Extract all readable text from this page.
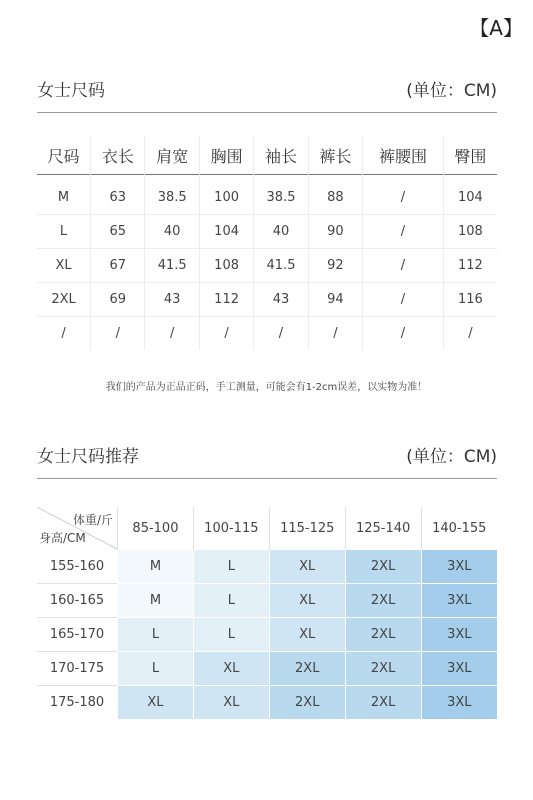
【A】
女士尺码	(单位：CM)
尺码	衣长	肩宽	胸围	袖长	裤长	裤腰围	臀围
M	63	38.5	100	38.5	88	/	104
L	65	40	104	40	90	/	108
XL	67	41.5	108	41.5	92	/	112
2XL	69	43	112	43	94	/	116
/	/	/	/	/	/	/	/
我们的产品为正品正码，手工测量，可能会有1-2cm误差，以实物为准！
女士尺码推荐	(单位：CM)
体重/斤
身高/CM	85-100	100-115	115-125	125-140	140-155
155-160	M	L	XL	2XL	3XL
160-165	M	L	XL	2XL	3XL
165-170	L	L	XL	2XL	3XL
170-175	L	XL	2XL	2XL	3XL
175-180	XL	XL	2XL	2XL	3XL
